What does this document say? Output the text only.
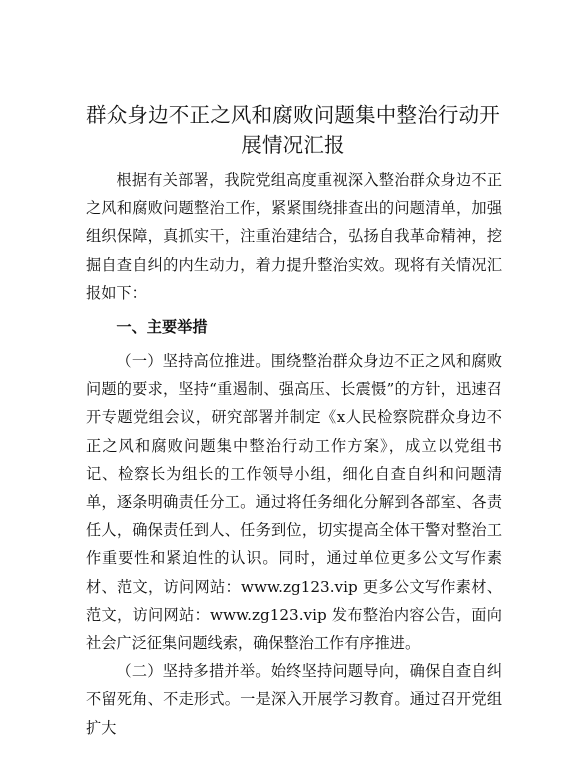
群众身边不正之风和腐败问题集中整治行动开展情况汇报

根据有关部署，我院党组高度重视深入整治群众身边不正之风和腐败问题整治工作，紧紧围绕排查出的问题清单，加强组织保障，真抓实干，注重治建结合，弘扬自我革命精神，挖掘自查自纠的内生动力，着力提升整治实效。现将有关情况汇报如下：

一、主要举措

（一）坚持高位推进。围绕整治群众身边不正之风和腐败问题的要求，坚持“重遏制、强高压、长震慑”的方针，迅速召开专题党组会议，研究部署并制定《x人民检察院群众身边不正之风和腐败问题集中整治行动工作方案》，成立以党组书记、检察长为组长的工作领导小组，细化自查自纠和问题清单，逐条明确责任分工。通过将任务细化分解到各部室、各责任人，确保责任到人、任务到位，切实提高全体干警对整治工作重要性和紧迫性的认识。同时，通过单位更多公文写作素材、范文，访问网站：www.zg123.vip 更多公文写作素材、范文，访问网站：www.zg123.vip 发布整治内容公告，面向社会广泛征集问题线索，确保整治工作有序推进。

（二）坚持多措并举。始终坚持问题导向，确保自查自纠不留死角、不走形式。一是深入开展学习教育。通过召开党组扩大
